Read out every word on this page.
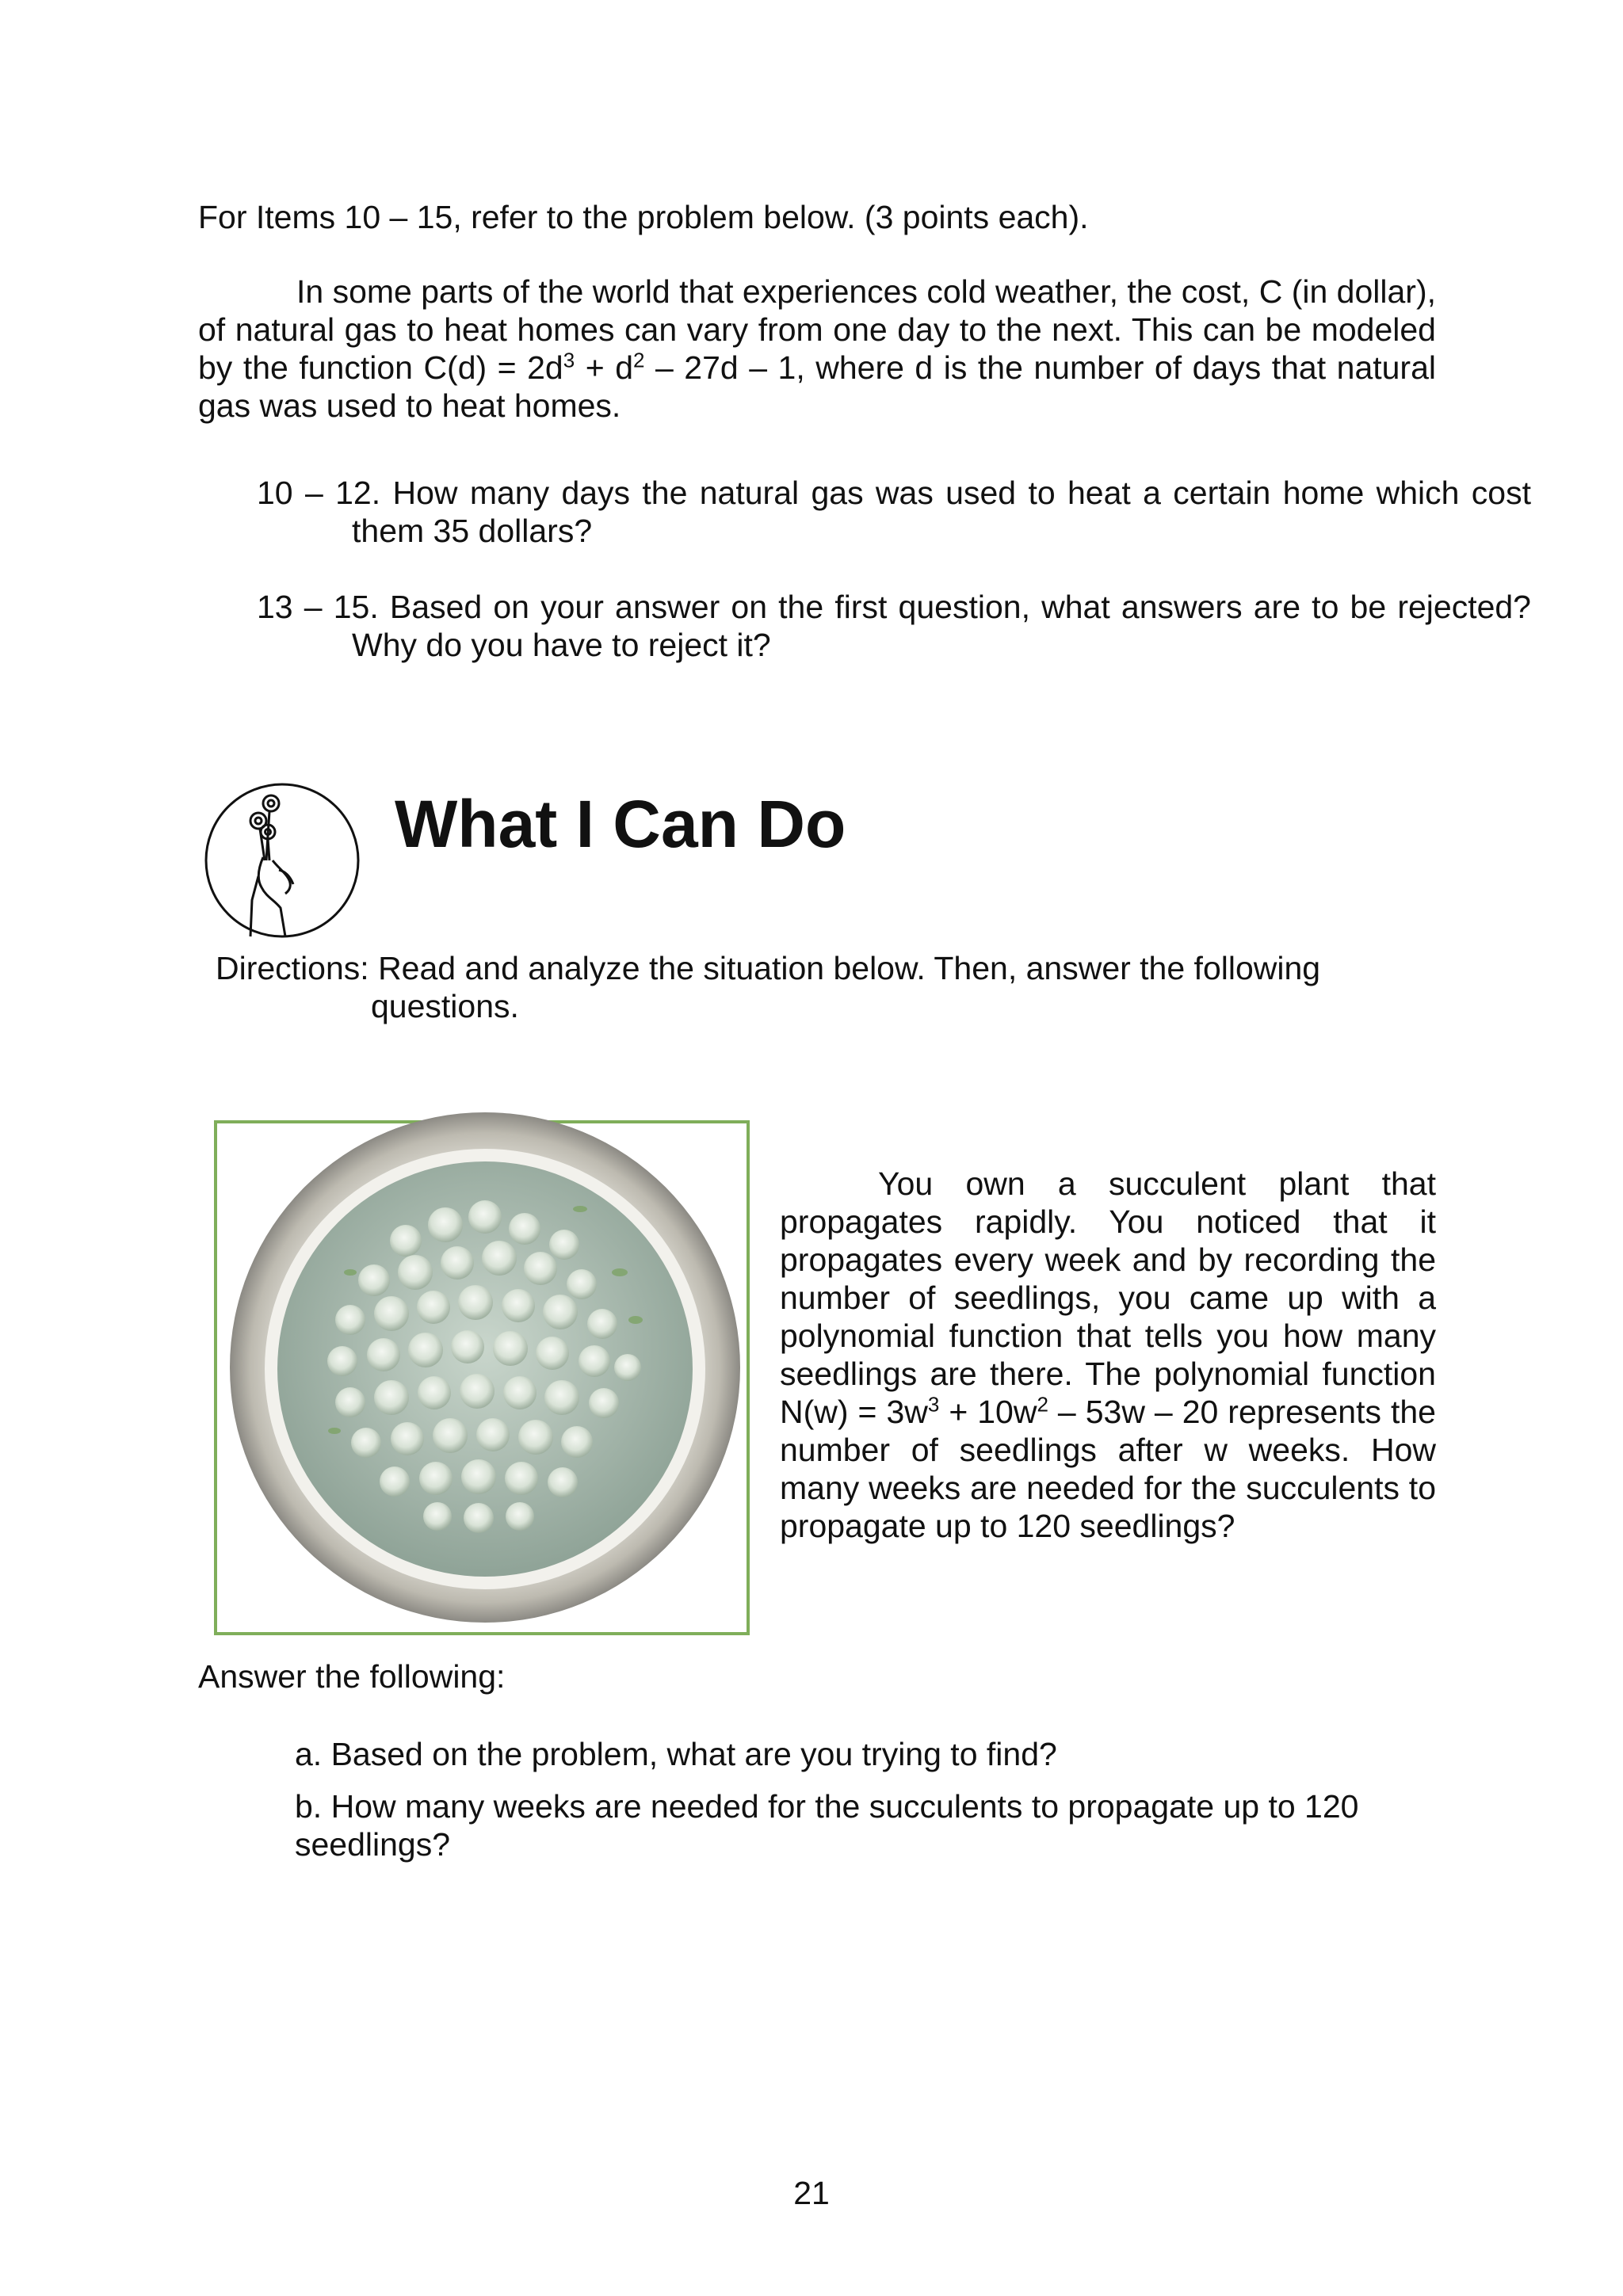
For Items 10 – 15, refer to the problem below. (3 points each).

In some parts of the world that experiences cold weather, the cost, C (in dollar), of natural gas to heat homes can vary from one day to the next. This can be modeled by the function $C(d) = 2d^3 + d^2 - 27d - 1$, where d is the number of days that natural gas was used to heat homes.

10 – 12. How many days the natural gas was used to heat a certain home which cost them 35 dollars?

13 – 15. Based on your answer on the first question, what answers are to be rejected? Why do you have to reject it?

What I Can Do

Directions: Read and analyze the situation below. Then, answer the following
questions.

You own a succulent plant that propagates rapidly. You noticed that it propagates every week and by recording the number of seedlings, you came up with a polynomial function that tells you how many seedlings are there. The polynomial function $N(w) = 3w^3 + 10w^2 - 53w - 20$ represents the number of seedlings after w weeks. How many weeks are needed for the succulents to propagate up to 120 seedlings?

Answer the following:

a. Based on the problem, what are you trying to find?

b. How many weeks are needed for the succulents to propagate up to 120 seedlings?

21
